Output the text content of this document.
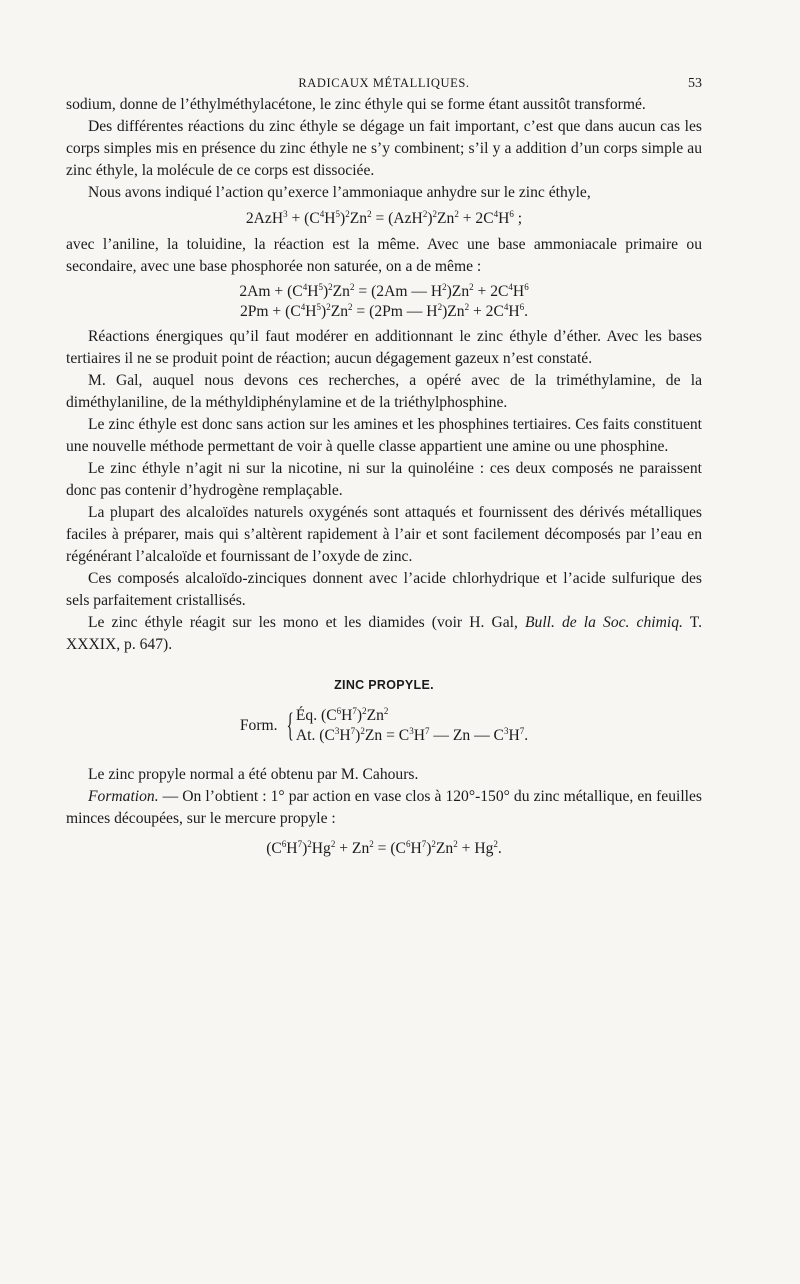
RADICAUX MÉTALLIQUES.	53

sodium, donne de l’éthylméthylacétone, le zinc éthyle qui se forme étant aussitôt transformé.

Des différentes réactions du zinc éthyle se dégage un fait important, c’est que dans aucun cas les corps simples mis en présence du zinc éthyle ne s’y combinent; s’il y a addition d’un corps simple au zinc éthyle, la molécule de ce corps est dissociée.

Nous avons indiqué l’action qu’exerce l’ammoniaque anhydre sur le zinc éthyle,

$2AzH^3 + (C^4H^5)^2Zn^2 = (AzH^2)^2Zn^2 + 2C^4H^6$ ;

avec l’aniline, la toluidine, la réaction est la même. Avec une base ammoniacale primaire ou secondaire, avec une base phosphorée non saturée, on a de même :

$2Am + (C^4H^5)^2Zn^2 = (2Am$ — $H^2)Zn^2 + 2C^4H^6$
$2Pm + (C^4H^5)^2Zn^2 = (2Pm$ — $H^2)Zn^2 + 2C^4H^6$.

Réactions énergiques qu’il faut modérer en additionnant le zinc éthyle d’éther. Avec les bases tertiaires il ne se produit point de réaction; aucun dégagement gazeux n’est constaté.

M. Gal, auquel nous devons ces recherches, a opéré avec de la triméthylamine, de la diméthylaniline, de la méthyldiphénylamine et de la triéthylphosphine.

Le zinc éthyle est donc sans action sur les amines et les phosphines tertiaires. Ces faits constituent une nouvelle méthode permettant de voir à quelle classe appartient une amine ou une phosphine.

Le zinc éthyle n’agit ni sur la nicotine, ni sur la quinoléine : ces deux composés ne paraissent donc pas contenir d’hydrogène remplaçable.

La plupart des alcaloïdes naturels oxygénés sont attaqués et fournissent des dérivés métalliques faciles à préparer, mais qui s’altèrent rapidement à l’air et sont facilement décomposés par l’eau en régénérant l’alcaloïde et fournissant de l’oxyde de zinc.

Ces composés alcaloïdo-zinciques donnent avec l’acide chlorhydrique et l’acide sulfurique des sels parfaitement cristallisés.

Le zinc éthyle réagit sur les mono et les diamides (voir H. Gal, Bull. de la Soc. chimiq. T. XXXIX, p. 647).

ZINC PROPYLE.
Form. { Éq. $(C^6H^7)^2Zn^2$
At. $(C^3H^7)^2Zn = C^3H^7$ — Zn — $C^3H^7$.

Le zinc propyle normal a été obtenu par M. Cahours.

Formation. — On l’obtient : 1° par action en vase clos à 120°-150° du zinc métallique, en feuilles minces découpées, sur le mercure propyle :

$(C^6H^7)^2Hg^2 + Zn^2 = (C^6H^7)^2Zn^2 + Hg^2$.
